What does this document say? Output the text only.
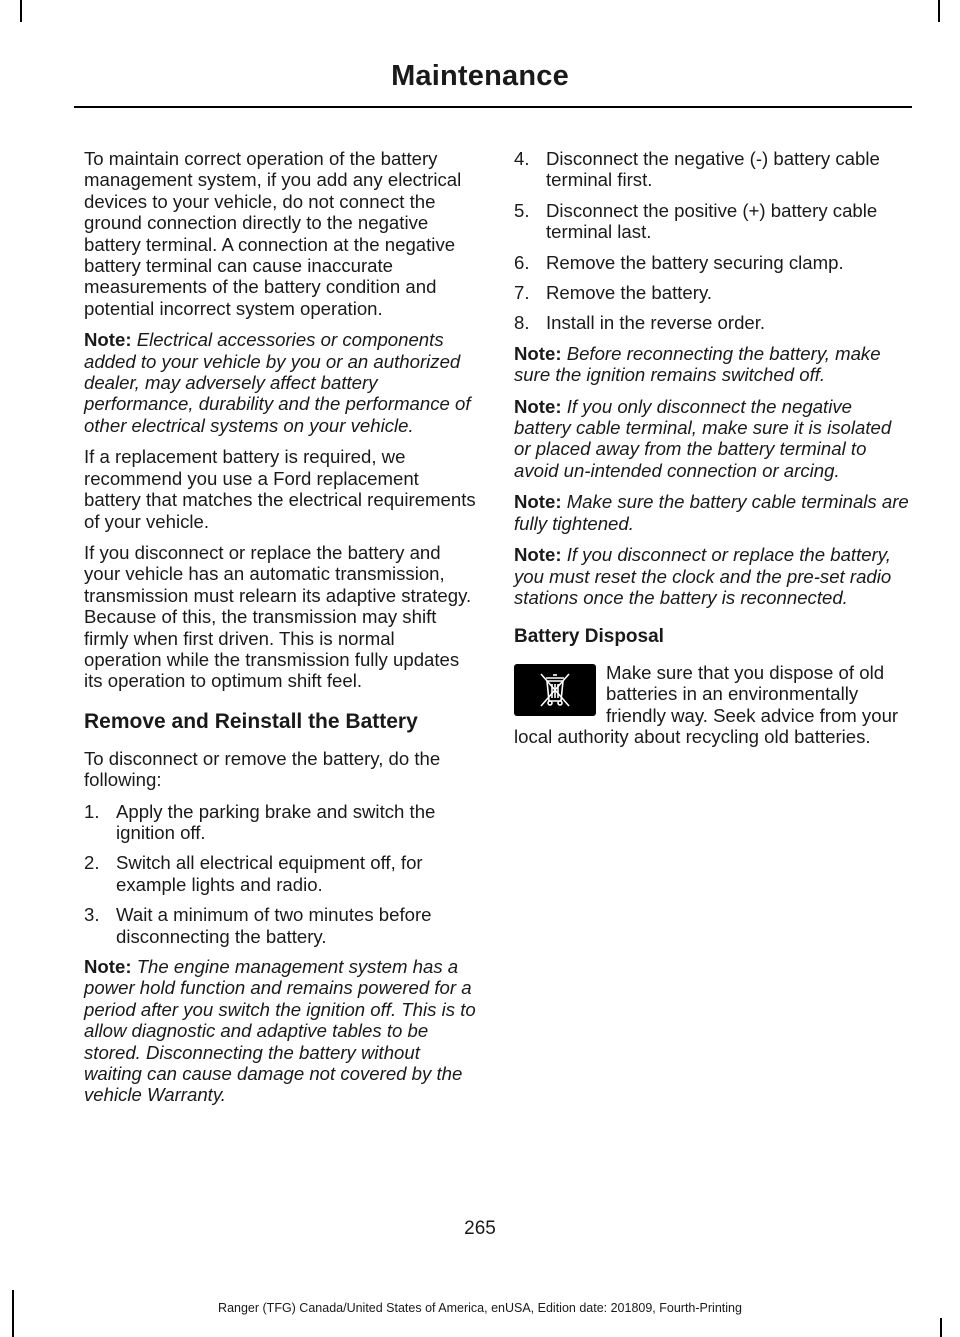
Maintenance

To maintain correct operation of the battery management system, if you add any electrical devices to your vehicle, do not connect the ground connection directly to the negative battery terminal. A connection at the negative battery terminal can cause inaccurate measurements of the battery condition and potential incorrect system operation.

Note: Electrical accessories or components added to your vehicle by you or an authorized dealer, may adversely affect battery performance, durability and the performance of other electrical systems on your vehicle.

If a replacement battery is required, we recommend you use a Ford replacement battery that matches the electrical requirements of your vehicle.

If you disconnect or replace the battery and your vehicle has an automatic transmission, transmission must relearn its adaptive strategy. Because of this, the transmission may shift firmly when first driven. This is normal operation while the transmission fully updates its operation to optimum shift feel.

Remove and Reinstall the Battery

To disconnect or remove the battery, do the following:

1. Apply the parking brake and switch the ignition off.
2. Switch all electrical equipment off, for example lights and radio.
3. Wait a minimum of two minutes before disconnecting the battery.

Note: The engine management system has a power hold function and remains powered for a period after you switch the ignition off. This is to allow diagnostic and adaptive tables to be stored. Disconnecting the battery without waiting can cause damage not covered by the vehicle Warranty.

4. Disconnect the negative (-) battery cable terminal first.
5. Disconnect the positive (+) battery cable terminal last.
6. Remove the battery securing clamp.
7. Remove the battery.
8. Install in the reverse order.

Note: Before reconnecting the battery, make sure the ignition remains switched off.

Note: If you only disconnect the negative battery cable terminal, make sure it is isolated or placed away from the battery terminal to avoid un-intended connection or arcing.

Note: Make sure the battery cable terminals are fully tightened.

Note: If you disconnect or replace the battery, you must reset the clock and the pre-set radio stations once the battery is reconnected.

Battery Disposal
Make sure that you dispose of old batteries in an environmentally friendly way. Seek advice from your local authority about recycling old batteries.
265
Ranger (TFG) Canada/United States of America, enUSA, Edition date: 201809, Fourth-Printing
